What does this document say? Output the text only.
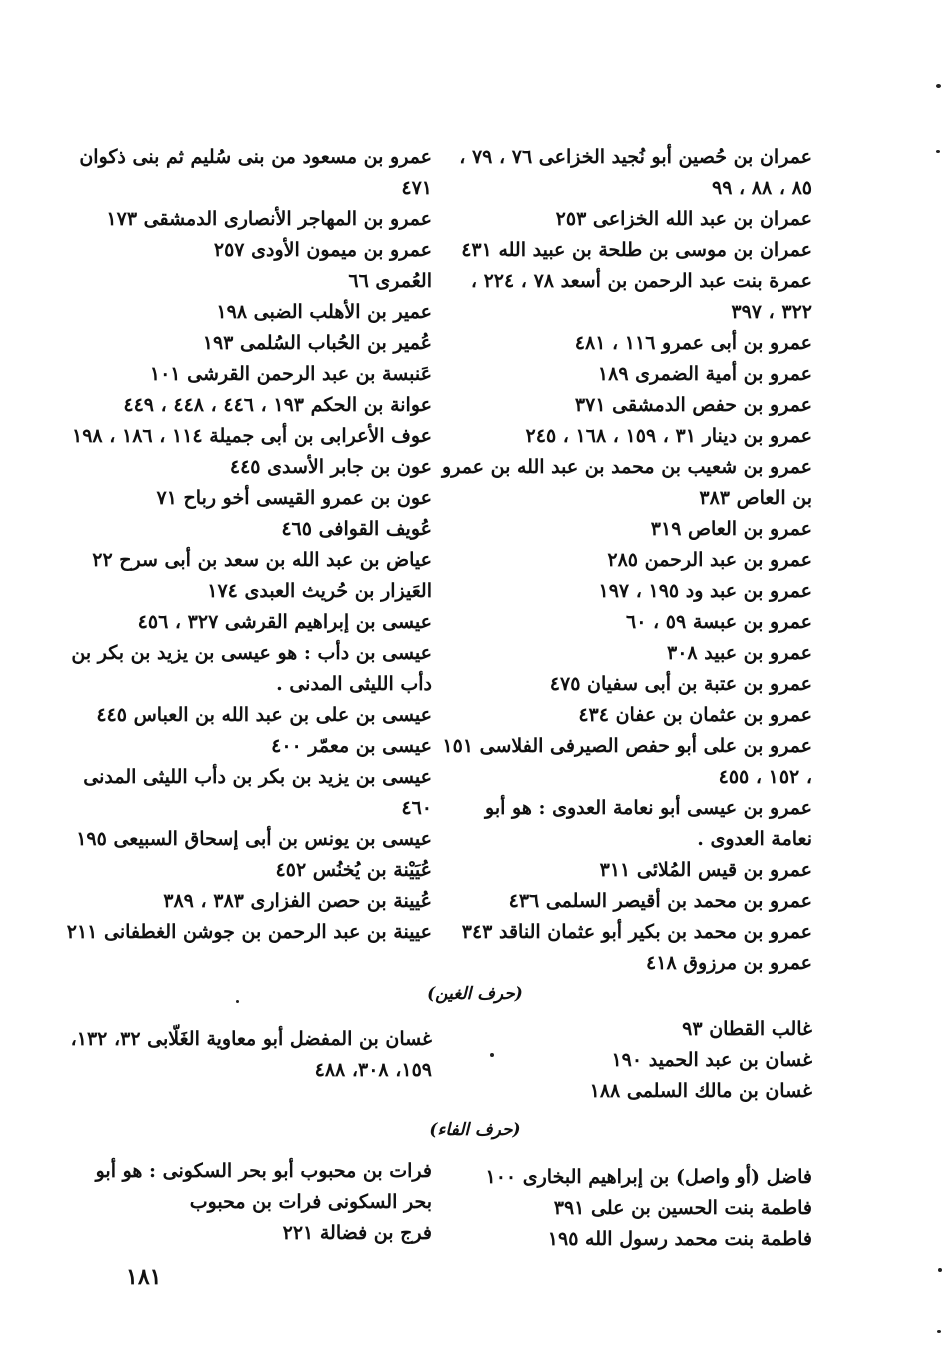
عمران بن حُصين أبو نُجيد الخزاعى ٧٦ ، ٧٩ ، ٨٥ ، ٨٨ ، ٩٩

عمران بن عبد الله الخزاعى ٢٥٣

عمران بن موسى بن طلحة بن عبيد الله ٤٣١

عمرة بنت عبد الرحمن بن أسعد ٧٨ ، ٢٢٤ ، ٣٢٢ ، ٣٩٧

عمرو بن أبى عمرو ١١٦ ، ٤٨١

عمرو بن أمية الضمرى ١٨٩

عمرو بن حفص الدمشقى ٣٧١

عمرو بن دينار ٣١ ، ١٥٩ ، ١٦٨ ، ٢٤٥

عمرو بن شعيب بن محمد بن عبد الله بن عمرو بن العاص ٣٨٣

عمرو بن العاص ٣١٩

عمرو بن عبد الرحمن ٢٨٥

عمرو بن عبد ود ١٩٥ ، ١٩٧

عمرو بن عبسة ٥٩ ، ٦٠

عمرو بن عبيد ٣٠٨

عمرو بن عتبة بن أبى سفيان ٤٧٥

عمرو بن عثمان بن عفان ٤٣٤

عمرو بن على أبو حفص الصيرفى الفلاسى ١٥١ ، ١٥٢ ، ٤٥٥

عمرو بن عيسى أبو نعامة العدوى : هو أبو نعامة العدوى .

عمرو بن قيس المُلائى ٣١١

عمرو بن محمد بن أقيصر السلمى ٤٣٦

عمرو بن محمد بن بكير أبو عثمان الناقد ٣٤٣

عمرو بن مرزوق ٤١٨

عمرو بن مسعود من بنى سُليم ثم بنى ذكوان ٤٧١

عمرو بن المهاجر الأنصارى الدمشقى ١٧٣

عمرو بن ميمون الأودى ٢٥٧

العُمرى ٦٦

عمير بن الأهلب الضبى ١٩٨

عُمير بن الحُباب السُلمى ١٩٣

عَنبسة بن عبد الرحمن القرشى ١٠١

عوانة بن الحكم ١٩٣ ، ٤٤٦ ، ٤٤٨ ، ٤٤٩

عوف الأعرابى بن أبى جميلة ١١٤ ، ١٨٦ ، ١٩٨

عون بن جابر الأسدى ٤٤٥

عون بن عمرو القيسى أخو رباح ٧١

عُويف القوافى ٤٦٥

عياض بن عبد الله بن سعد بن أبى سرح ٢٢

العَيزار بن حُريث العبدى ١٧٤

عيسى بن إبراهيم القرشى ٣٢٧ ، ٤٥٦

عيسى بن دأب : هو عيسى بن يزيد بن بكر بن دأب الليثى المدنى .

عيسى بن على بن عبد الله بن العباس ٤٤٥

عيسى بن معمّر ٤٠٠

عيسى بن يزيد بن بكر بن دأب الليثى المدنى ٤٦٠

عيسى بن يونس بن أبى إسحاق السبيعى ١٩٥

عُيَيْنة بن يُخنُس ٤٥٢

عُيينة بن حصن الفزارى ٣٨٣ ، ٣٨٩

عيينة بن عبد الرحمن بن جوشن الغطفانى ٢١١

(حرف الغين)

غالب القطان ٩٣

غسان بن عبد الحميد ١٩٠

غسان بن مالك السلمى ١٨٨

غسان بن المفضل أبو معاوية الغَلّابى ٣٢، ١٣٢، ١٥٩، ٣٠٨، ٤٨٨

(حرف الفاء)

فاضل (أو واصل) بن إبراهيم البخارى ١٠٠

فاطمة بنت الحسين بن على ٣٩١

فاطمة بنت محمد رسول الله ١٩٥

فرات بن محبوب أبو بحر السكونى : هو أبو بحر السكونى فرات بن محبوب

فرج بن فضالة ٢٢١

١٨١
